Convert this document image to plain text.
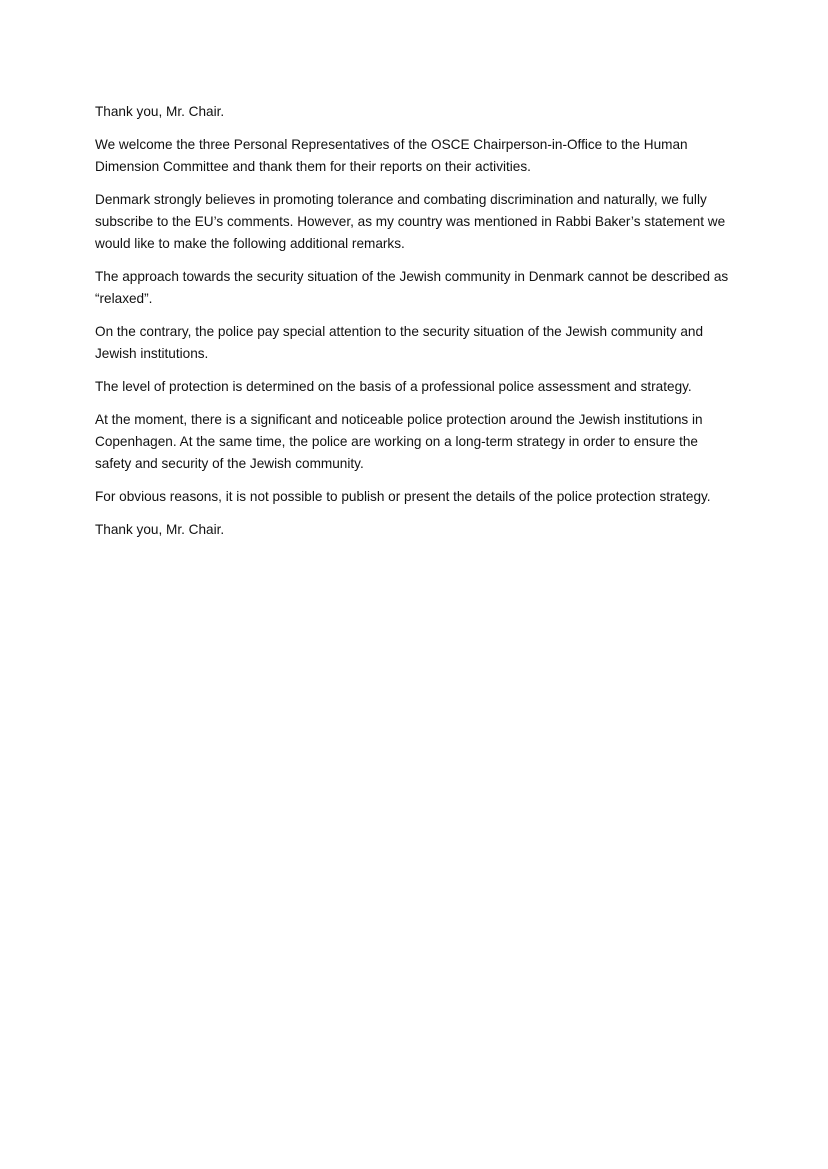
Thank you, Mr. Chair.

We welcome the three Personal Representatives of the OSCE Chairperson-in-Office to the Human Dimension Committee and thank them for their reports on their activities.

Denmark strongly believes in promoting tolerance and combating discrimination and naturally, we fully subscribe to the EU’s comments. However, as my country was mentioned in Rabbi Baker’s statement we would like to make the following additional remarks.

The approach towards the security situation of the Jewish community in Denmark cannot be described as “relaxed”.

On the contrary, the police pay special attention to the security situation of the Jewish community and Jewish institutions.

The level of protection is determined on the basis of a professional police assessment and strategy.

At the moment, there is a significant and noticeable police protection around the Jewish institutions in Copenhagen. At the same time, the police are working on a long-term strategy in order to ensure the safety and security of the Jewish community.

For obvious reasons, it is not possible to publish or present the details of the police protection strategy.

Thank you, Mr. Chair.
